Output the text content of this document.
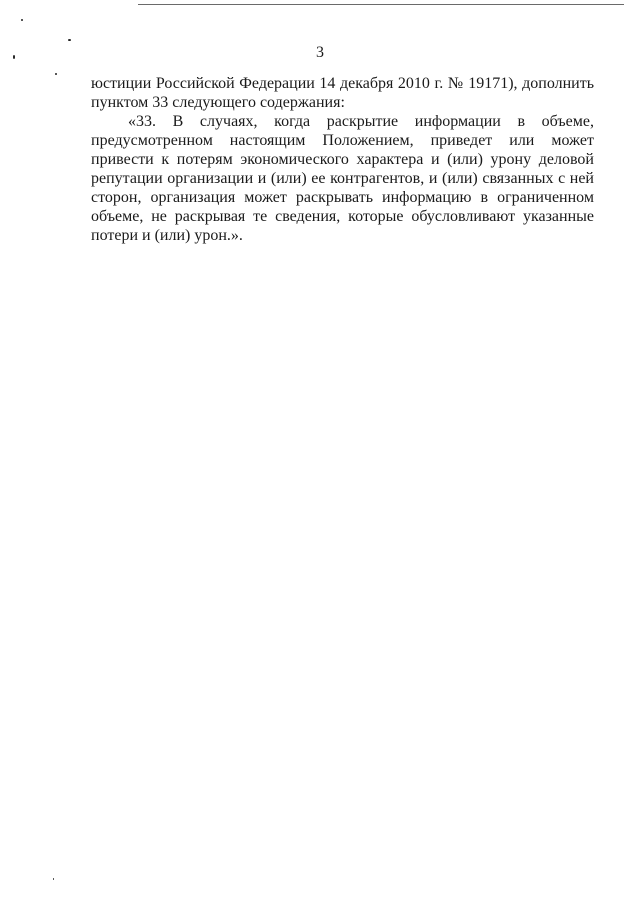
3

юстиции Российской Федерации 14 декабря 2010 г. № 19171), дополнить пунктом 33 следующего содержания:

«33. В случаях, когда раскрытие информации в объеме, предусмотренном настоящим Положением, приведет или может привести к потерям экономического характера и (или) урону деловой репутации организации и (или) ее контрагентов, и (или) связанных с ней сторон, организация может раскрывать информацию в ограниченном объеме, не раскрывая те сведения, которые обусловливают указанные потери и (или) урон.».
